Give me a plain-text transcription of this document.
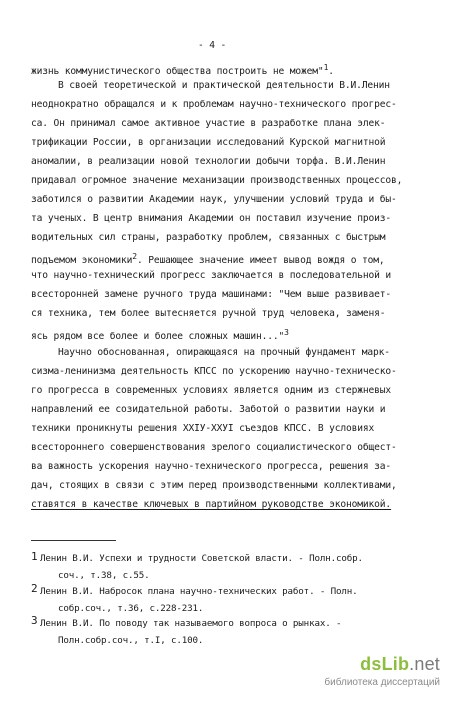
- 4 -
жизнь коммунистического общества построить не можем"$^1$.
В своей теоретической и практической деятельности В.И.Ленин
неоднократно обращался и к проблемам научно-технического прогрес-
са. Он принимал самое активное участие в разработке плана элек-
трификации России, в организации исследований Курской магнитной
аномалии, в реализации новой технологии добычи торфа. В.И.Ленин
придавал огромное значение механизации производственных процессов,
заботился о развитии Академии наук, улучшении условий труда и бы-
та ученых. В центр внимания Академии он поставил изучение произ-
водительных сил страны, разработку проблем, связанных с быстрым
подъемом экономики$^2$. Решающее значение имеет вывод вождя о том,
что научно-технический прогресс заключается в последовательной и
всесторонней замене ручного труда машинами: "Чем выше развивает-
ся техника, тем более вытесняется ручной труд человека, заменя-
ясь рядом все более и более сложных машин..."$^3$
Научно обоснованная, опирающаяся на прочный фундамент марк-
сизма-ленинизма деятельность КПСС по ускорению научно-техническо-
го прогресса в современных условиях является одним из стержневых
направлений ее созидательной работы. Заботой о развитии науки и
техники проникнуты решения XXIУ-XXУI съездов КПСС. В условиях
всестороннего совершенствования зрелого социалистического общест-
ва важность ускорения научно-технического прогресса, решения за-
дач, стоящих в связи с этим перед производственными коллективами,
ставятся в качестве ключевых в партийном руководстве экономикой.
1 Ленин В.И. Успехи и трудности Советской власти. - Полн.собр.
соч., т.38, с.55.
2 Ленин В.И. Набросок плана научно-технических работ. - Полн.
собр.соч., т.36, с.228-231.
3 Ленин В.И. По поводу так называемого вопроса о рынках. -
Полн.собр.соч., т.I, с.100.
dsLib.net
библиотека диссертаций
